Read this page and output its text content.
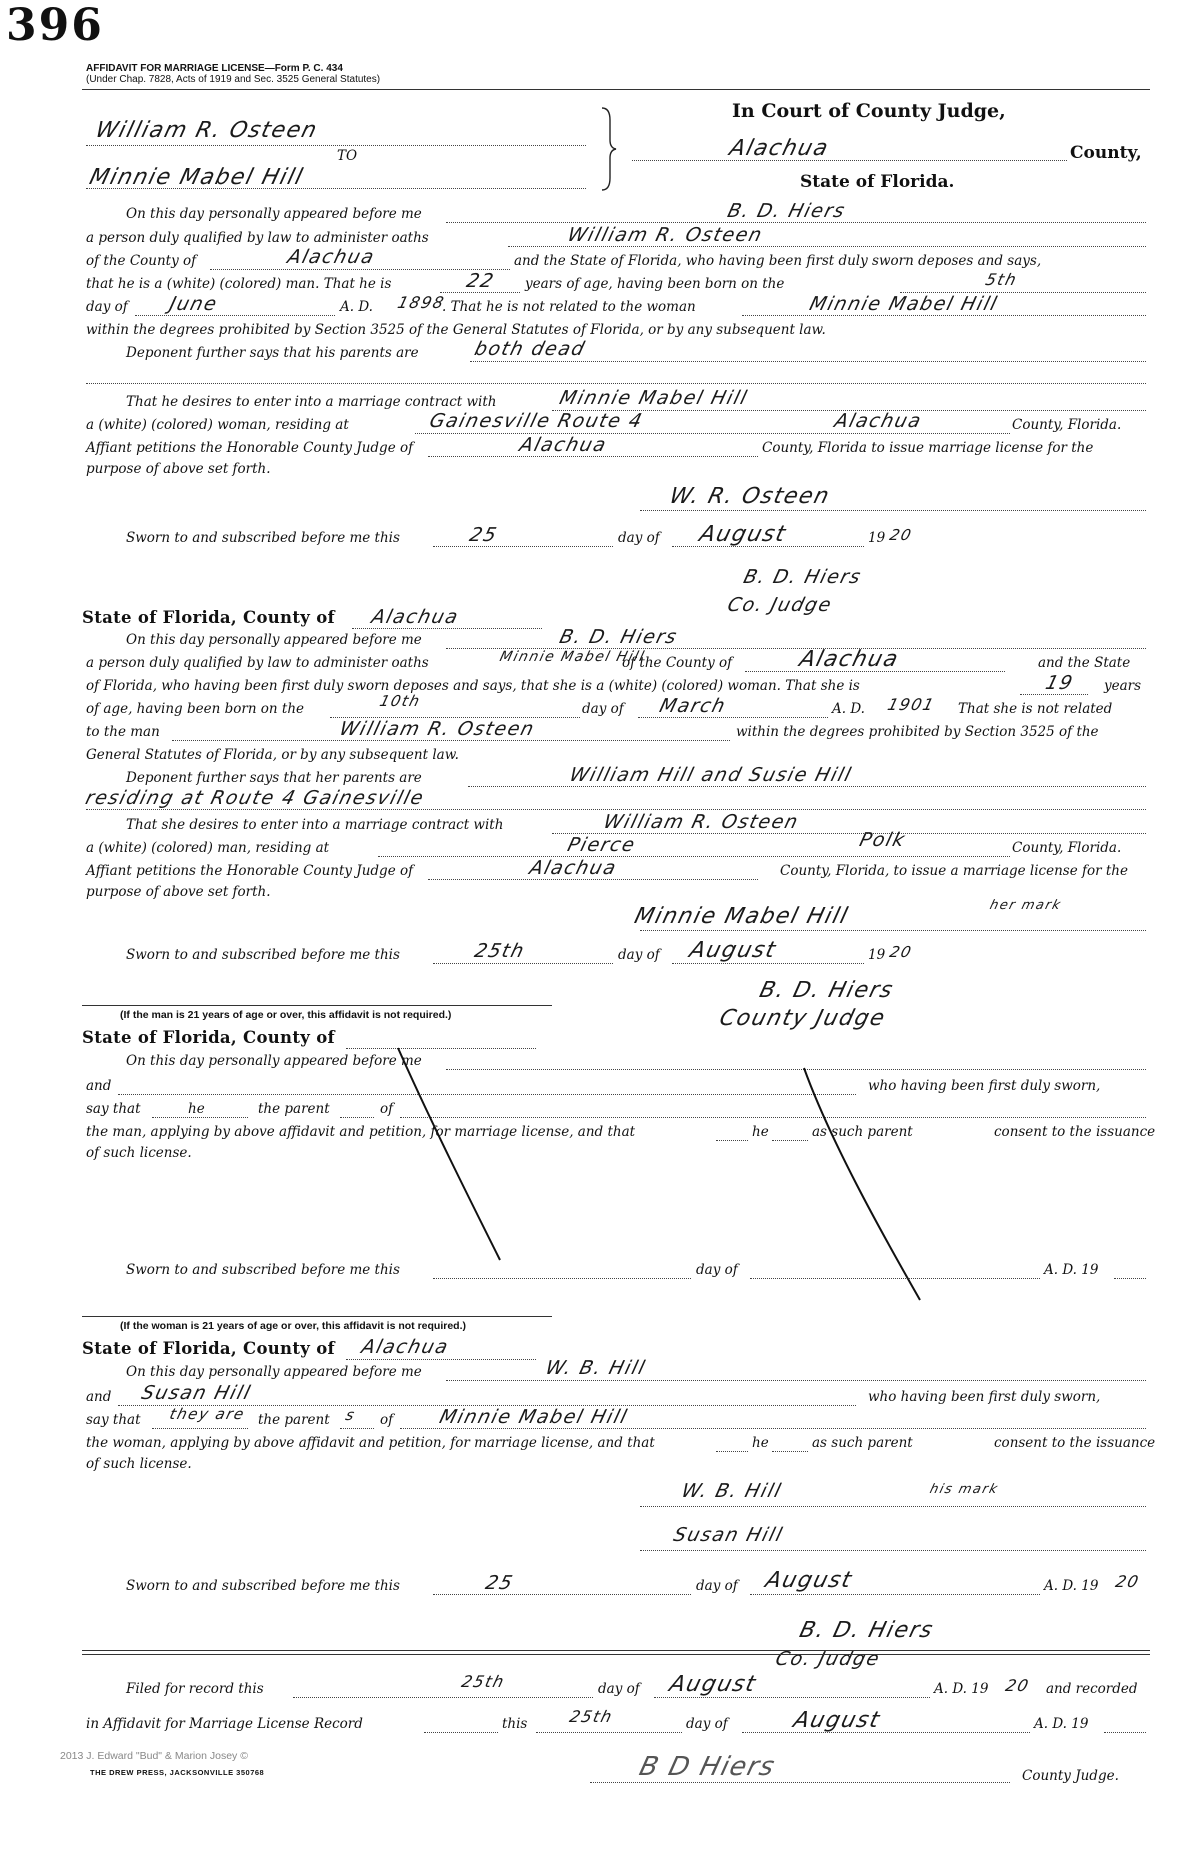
396
AFFIDAVIT FOR MARRIAGE LICENSE—Form P. C. 434
(Under Chap. 7828, Acts of 1919 and Sec. 3525 General Statutes)
William R. Osteen
TO
Minnie Mabel Hill
In Court of County Judge,
Alachua	County,
State of Florida.
On this day personally appeared before me	B. D. Hiers
a person duly qualified by law to administer oaths	William R. Osteen
of the County of	Alachua	and the State of Florida, who having been first duly sworn deposes and says,
that he is a (white) (colored) man. That he is	22 years of age, having been born on the	5th
day of June	A. D. 1898
. That he is not related to the woman	Minnie Mabel Hill
within the degrees prohibited by Section 3525 of the General Statutes of Florida, or by any subsequent law.
Deponent further says that his parents are	both dead
That he desires to enter into a marriage contract with	Minnie Mabel Hill
a (white) (colored) woman, residing at	Gainesville Route 4	Alachua	County, Florida.
Affiant petitions the Honorable County Judge of	Alachua	County, Florida to issue marriage license for the
purpose of above set forth.
W. R. Osteen
Sworn to and subscribed before me this	25	day of August	19 20
B. D. Hiers
Co. Judge
State of Florida, County of Alachua
On this day personally appeared before me	B. D. Hiers
a person duly qualified by law to administer oaths	Minnie Mabel Hill
of the County of	Alachua	and the State
of Florida, who having been first duly sworn deposes and says, that she is a (white) (colored) woman. That she is	19 years
of age, having been born on the	10th	day of March	A. D. 1901 That she is not related
to the man	William R. Osteen	within the degrees prohibited by Section 3525 of the
General Statutes of Florida, or by any subsequent law.
Deponent further says that her parents are	William Hill and Susie Hill
residing at Route 4 Gainesville
That she desires to enter into a marriage contract with	William R. Osteen
a (white) (colored) man, residing at	Pierce	Polk	County, Florida.
Affiant petitions the Honorable County Judge of	Alachua	County, Florida, to issue a marriage license for the
purpose of above set forth.
Minnie Mabel Hill	her mark
Sworn to and subscribed before me this	25th	day of August	19 20
B. D. Hiers
County Judge
(If the man is 21 years of age or over, this affidavit is not required.)
State of Florida, County of
On this day personally appeared before me
and	who having been first duly sworn,
say that	he	the parent	of
the man, applying by above affidavit and petition, for marriage license, and that	he	as such parent	consent to the issuance
of such license.
Sworn to and subscribed before me this	day of	A. D. 19
(If the woman is 21 years of age or over, this affidavit is not required.)
State of Florida, County of Alachua
On this day personally appeared before me	W. B. Hill
and Susan Hill	who having been first duly sworn,
say that they are the parent s of Minnie Mabel Hill
the woman, applying by above affidavit and petition, for marriage license, and that	he	as such parent	consent to the issuance
of such license.
W. B. Hill	his mark
Susan Hill
Sworn to and subscribed before me this	25	day of August	A. D. 19 20
B. D. Hiers
Co. Judge
Filed for record this	25th	day of August	A. D. 19 20 and recorded
in Affidavit for Marriage License Record	this	25th	day of	August	A. D. 19
B D Hiers	County Judge.
2013 J. Edward "Bud" & Marion Josey ©
THE DREW PRESS, JACKSONVILLE 350768
